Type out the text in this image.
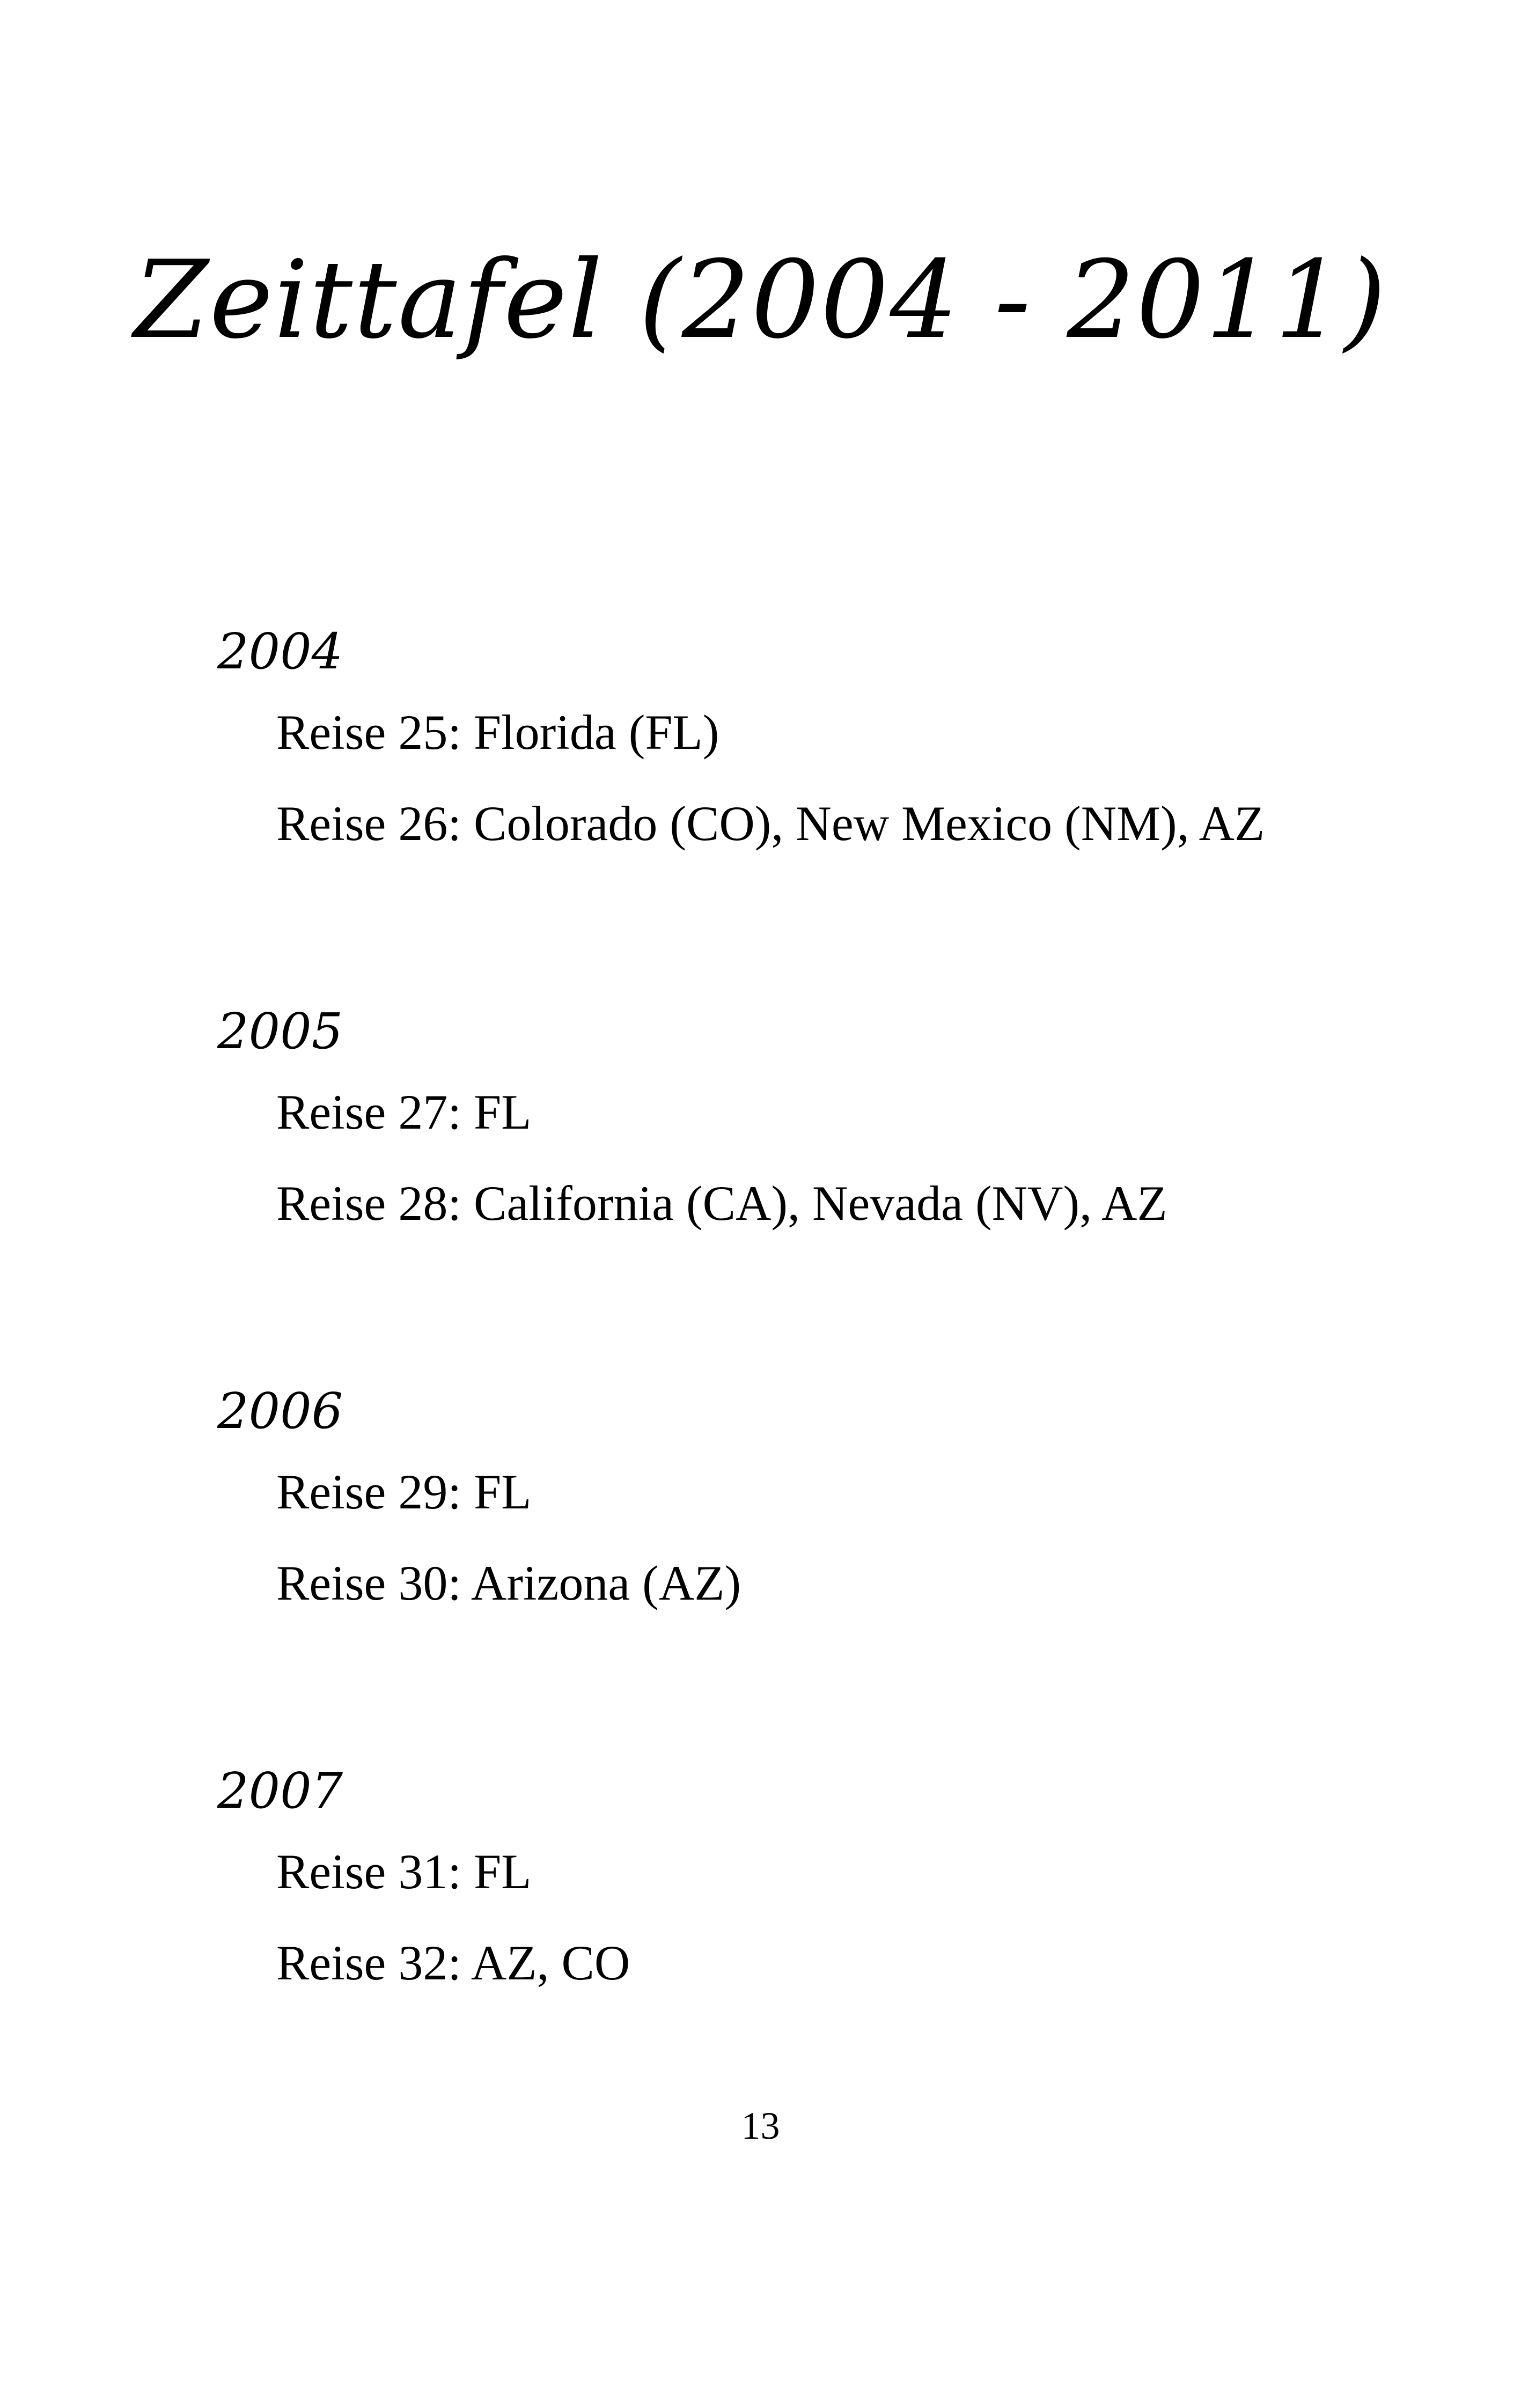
Zeittafel (2004 - 2011)
2004

Reise 25: Florida (FL)

Reise 26: Colorado (CO), New Mexico (NM), AZ

2005

Reise 27: FL

Reise 28: California (CA), Nevada (NV), AZ

2006

Reise 29: FL

Reise 30: Arizona (AZ)

2007

Reise 31: FL

Reise 32: AZ, CO

13
